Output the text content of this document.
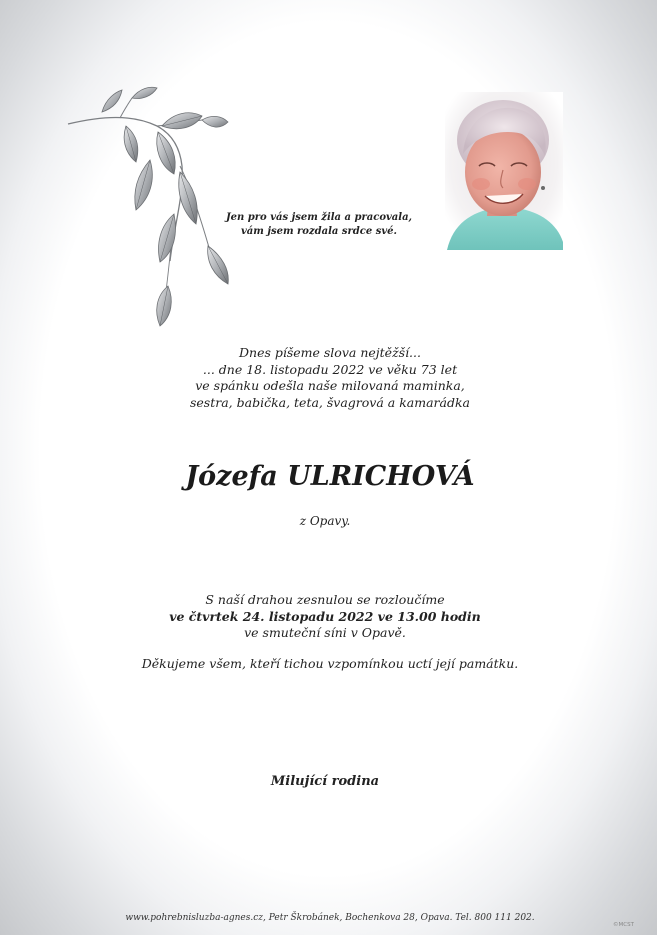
Jen pro vás jsem žila a pracovala,
vám jsem rozdala srdce své.
Dnes píšeme slova nejtěžší...
... dne 18. listopadu 2022 ve věku 73 let
ve spánku odešla naše milovaná maminka,
sestra, babička, teta, švagrová a kamarádka
Józefa ULRICHOVÁ
z Opavy.
S naší drahou zesnulou se rozloučíme
ve čtvrtek 24. listopadu 2022 ve 13.00 hodin
ve smuteční síni v Opavě.
Děkujeme všem, kteří tichou vzpomínkou uctí její památku.
Milující rodina
www.pohrebnisluzba-agnes.cz, Petr Škrobánek, Bochenkova 28, Opava. Tel. 800 111 202.
©MCST
